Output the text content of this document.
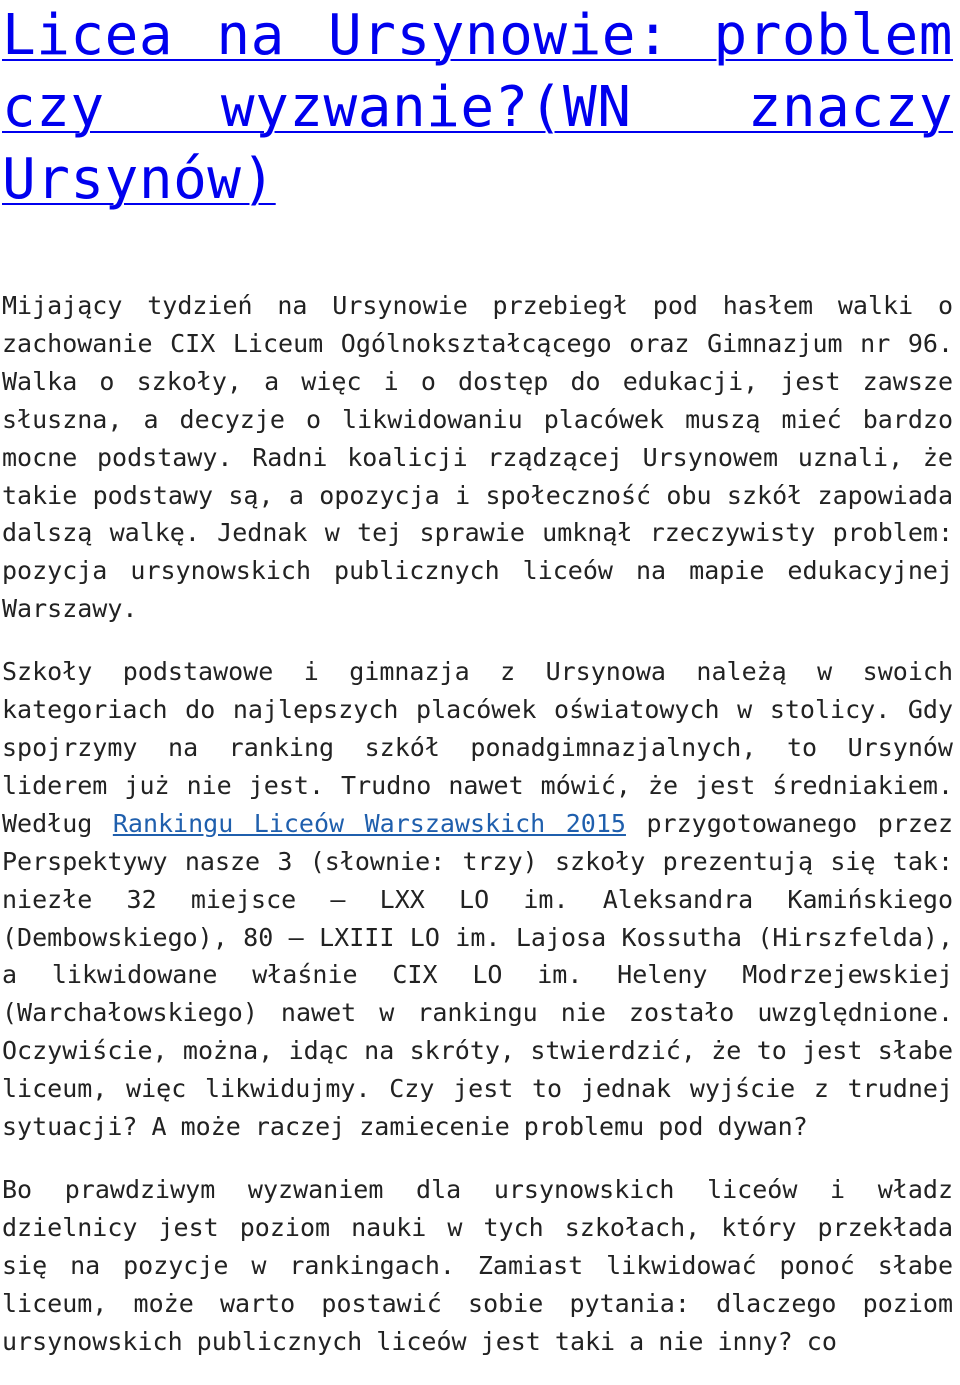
Licea na Ursynowie: problem czy wyzwanie?(WN znaczy Ursynów)

Mijający tydzień na Ursynowie przebiegł pod hasłem walki o zachowanie CIX Liceum Ogólnokształcącego oraz Gimnazjum nr 96. Walka o szkoły, a więc i o dostęp do edukacji, jest zawsze słuszna, a decyzje o likwidowaniu placówek muszą mieć bardzo mocne podstawy. Radni koalicji rządzącej Ursynowem uznali, że takie podstawy są, a opozycja i społeczność obu szkół zapowiada dalszą walkę. Jednak w tej sprawie umknął rzeczywisty problem: pozycja ursynowskich publicznych liceów na mapie edukacyjnej Warszawy.

Szkoły podstawowe i gimnazja z Ursynowa należą w swoich kategoriach do najlepszych placówek oświatowych w stolicy. Gdy spojrzymy na ranking szkół ponadgimnazjalnych, to Ursynów liderem już nie jest. Trudno nawet mówić, że jest średniakiem. Według Rankingu Liceów Warszawskich 2015 przygotowanego przez Perspektywy nasze 3 (słownie: trzy) szkoły prezentują się tak: niezłe 32 miejsce – LXX LO im. Aleksandra Kamińskiego (Dembowskiego), 80 – LXIII LO im. Lajosa Kossutha (Hirszfelda), a likwidowane właśnie CIX LO im. Heleny Modrzejewskiej (Warchałowskiego) nawet w rankingu nie zostało uwzględnione. Oczywiście, można, idąc na skróty, stwierdzić, że to jest słabe liceum, więc likwidujmy. Czy jest to jednak wyjście z trudnej sytuacji? A może raczej zamiecenie problemu pod dywan?

Bo prawdziwym wyzwaniem dla ursynowskich liceów i władz dzielnicy jest poziom nauki w tych szkołach, który przekłada się na pozycje w rankingach. Zamiast likwidować ponoć słabe liceum, może warto postawić sobie pytania: dlaczego poziom ursynowskich publicznych liceów jest taki a nie inny? co
